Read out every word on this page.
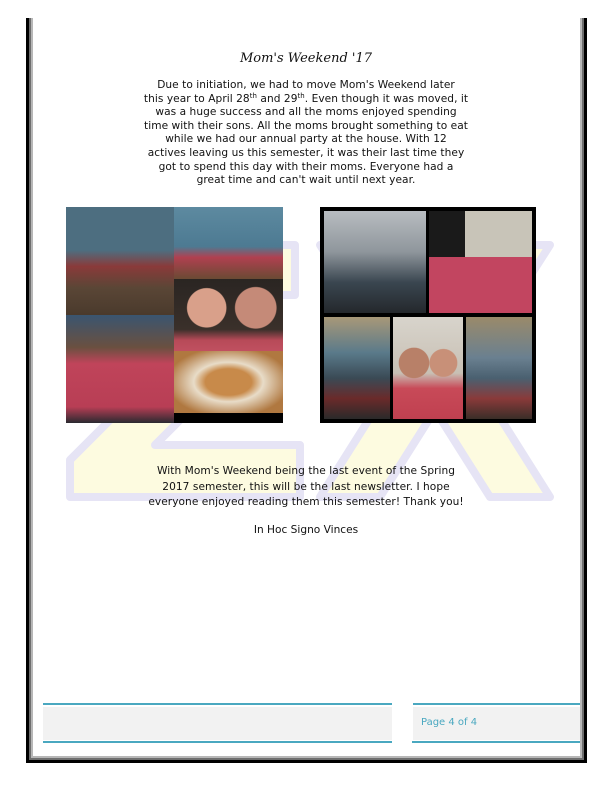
Mom's Weekend '17
Due to initiation, we had to move Mom's Weekend later
this year to April 28th and 29th. Even though it was moved, it
was a huge success and all the moms enjoyed spending
time with their sons. All the moms brought something to eat
while we had our annual party at the house. With 12
actives leaving us this semester, it was their last time they
got to spend this day with their moms. Everyone had a
great time and can't wait until next year.
With Mom's Weekend being the last event of the Spring
2017 semester, this will be the last newsletter. I hope
everyone enjoyed reading them this semester! Thank you!
In Hoc Signo Vinces
Page 4 of 4
